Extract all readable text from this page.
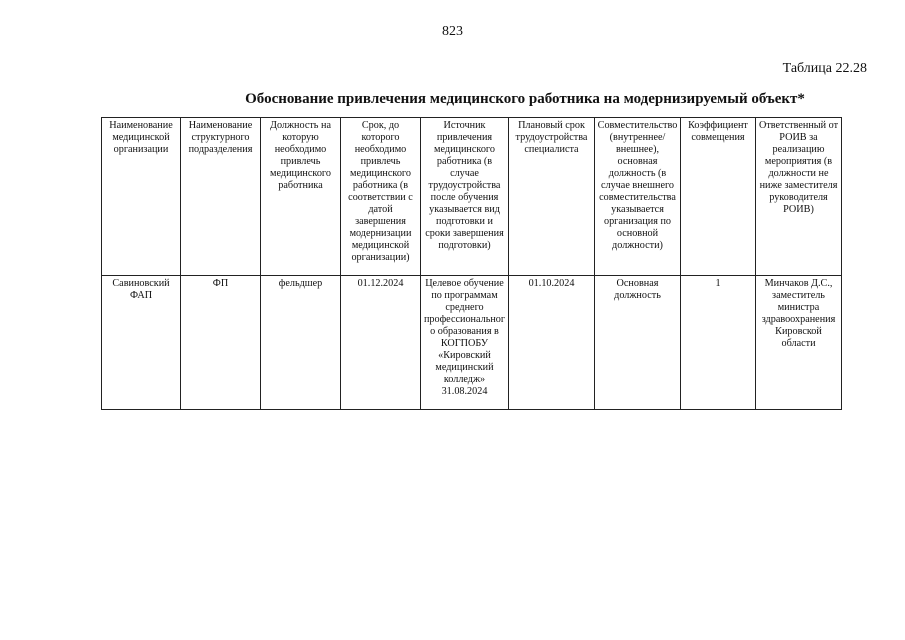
823
Таблица 22.28
Обоснование привлечения медицинского работника на модернизируемый объект*
Наименование медицинской организации	Наименование структурного подразделения	Должность на которую необходимо привлечь медицинского работника	Срок, до которого необходимо привлечь медицинского работника (в соответствии с датой завершения модернизации медицинской организации)	Источник привлечения медицинского работника (в случае трудоустройства после обучения указывается вид подготовки и сроки завершения подготовки)	Плановый срок трудоустройства специалиста	Совместительство (внутреннее/внешнее), основная должность (в случае внешнего совместительства указывается организация по основной должности)	Коэффициент совмещения	Ответственный от РОИВ за реализацию мероприятия (в должности не ниже заместителя руководителя РОИВ)
Савиновский ФАП	ФП	фельдшер	01.12.2024	Целевое обучение по программам среднего профессионального образования в КОГПОБУ «Кировский медицинский колледж» 31.08.2024	01.10.2024	Основная должность	1	Минчаков Д.С., заместитель министра здравоохранения Кировской области
